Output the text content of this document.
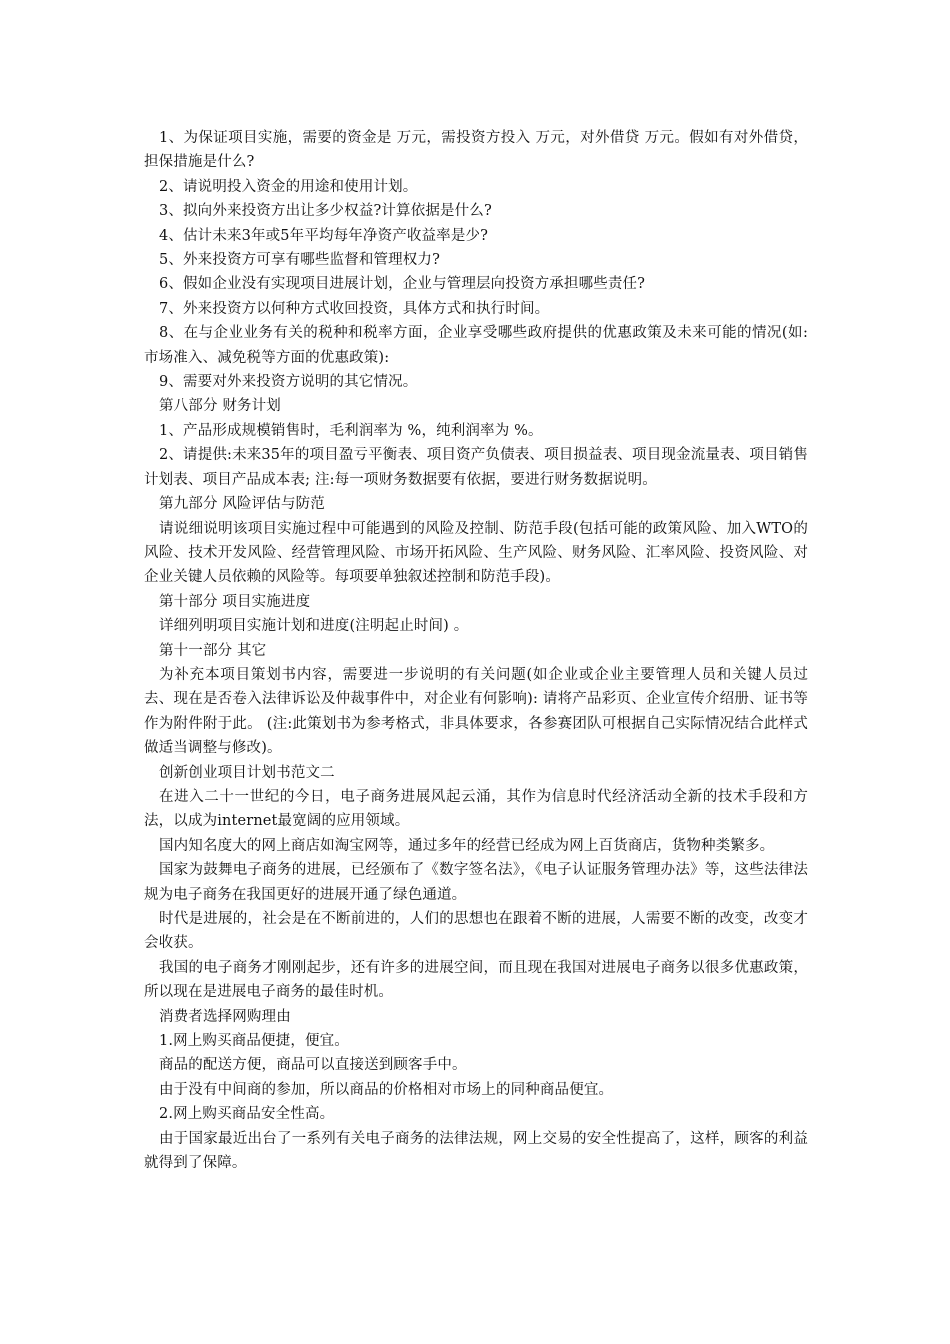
1、为保证项目实施，需要的资金是 万元，需投资方投入 万元，对外借贷 万元。假如有对外借贷，担保措施是什么?

2、请说明投入资金的用途和使用计划。

3、拟向外来投资方出让多少权益?计算依据是什么?

4、估计未来3年或5年平均每年净资产收益率是少?

5、外来投资方可享有哪些监督和管理权力?

6、假如企业没有实现项目进展计划，企业与管理层向投资方承担哪些责任?

7、外来投资方以何种方式收回投资，具体方式和执行时间。

8、在与企业业务有关的税种和税率方面，企业享受哪些政府提供的优惠政策及未来可能的情况(如:市场准入、减免税等方面的优惠政策):

9、需要对外来投资方说明的其它情况。

第八部分 财务计划

1、产品形成规模销售时，毛利润率为 %，纯利润率为 %。

2、请提供:未来35年的项目盈亏平衡表、项目资产负债表、项目损益表、项目现金流量表、项目销售计划表、项目产品成本表; 注:每一项财务数据要有依据，要进行财务数据说明。

第九部分 风险评估与防范

请说细说明该项目实施过程中可能遇到的风险及控制、防范手段(包括可能的政策风险、加入WTO的风险、技术开发风险、经营管理风险、市场开拓风险、生产风险、财务风险、汇率风险、投资风险、对企业关键人员依赖的风险等。每项要单独叙述控制和防范手段)。

第十部分 项目实施进度

详细列明项目实施计划和进度(注明起止时间) 。

第十一部分 其它

为补充本项目策划书内容，需要进一步说明的有关问题(如企业或企业主要管理人员和关键人员过去、现在是否卷入法律诉讼及仲裁事件中，对企业有何影响): 请将产品彩页、企业宣传介绍册、证书等作为附件附于此。 (注:此策划书为参考格式，非具体要求，各参赛团队可根据自己实际情况结合此样式做适当调整与修改)。

创新创业项目计划书范文二

在进入二十一世纪的今日，电子商务进展风起云涌，其作为信息时代经济活动全新的技术手段和方法，以成为internet最宽阔的应用领域。

国内知名度大的网上商店如淘宝网等，通过多年的经营已经成为网上百货商店，货物种类繁多。

国家为鼓舞电子商务的进展，已经颁布了《数字签名法》，《电子认证服务管理办法》等，这些法律法规为电子商务在我国更好的进展开通了绿色通道。

时代是进展的，社会是在不断前进的，人们的思想也在跟着不断的进展，人需要不断的改变，改变才会收获。

我国的电子商务才刚刚起步，还有许多的进展空间，而且现在我国对进展电子商务以很多优惠政策，所以现在是进展电子商务的最佳时机。

消费者选择网购理由

1.网上购买商品便捷，便宜。

商品的配送方便，商品可以直接送到顾客手中。

由于没有中间商的参加，所以商品的价格相对市场上的同种商品便宜。

2.网上购买商品安全性高。

由于国家最近出台了一系列有关电子商务的法律法规，网上交易的安全性提高了，这样，顾客的利益就得到了保障。
